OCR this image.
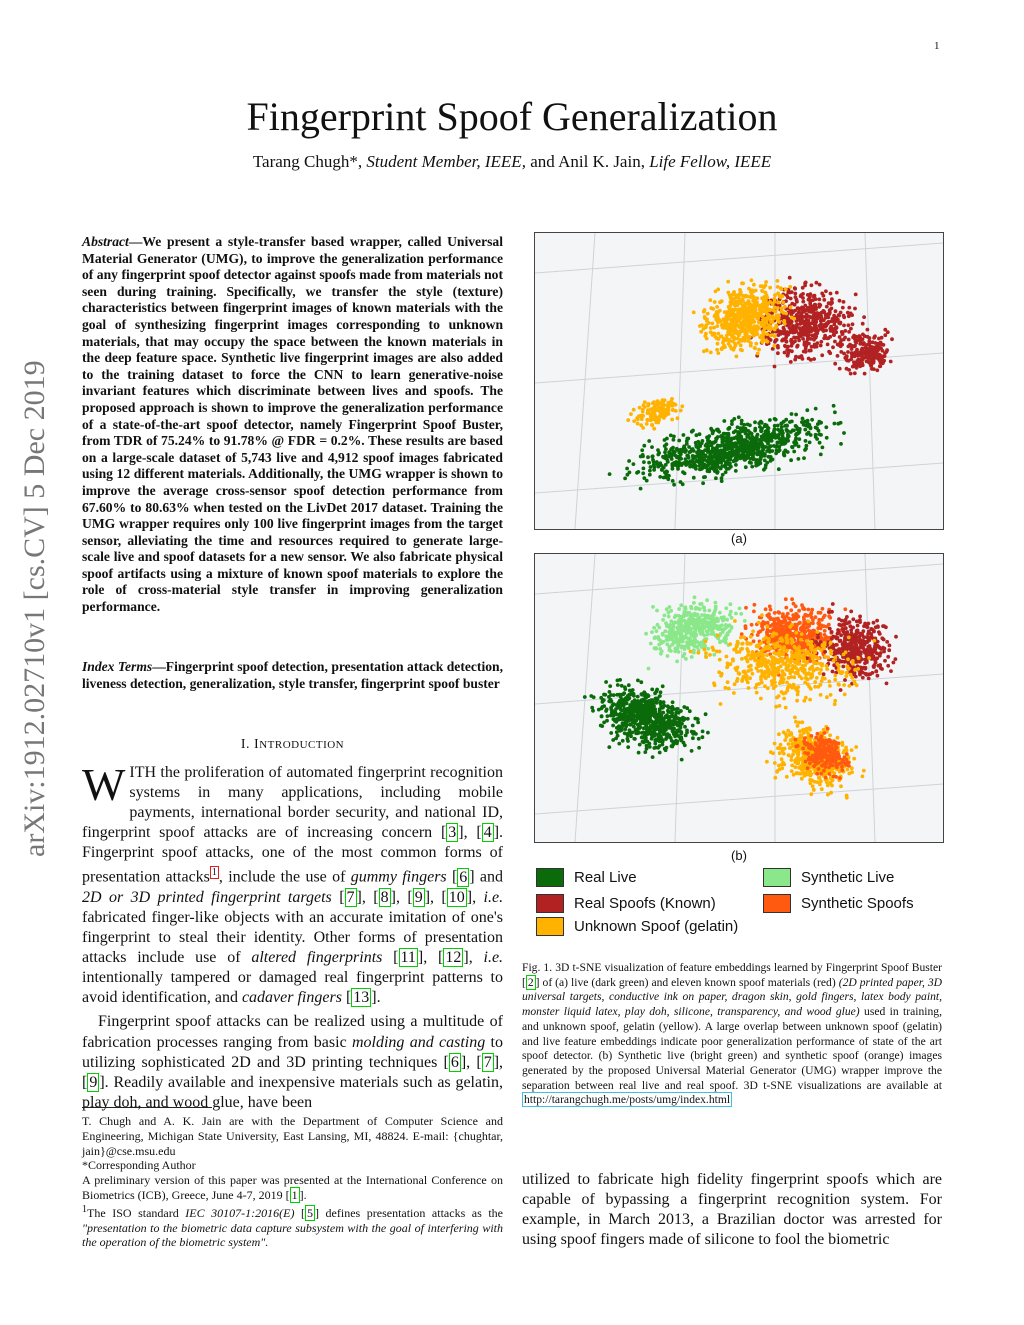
1
Fingerprint Spoof Generalization
Tarang Chugh*, Student Member, IEEE, and Anil K. Jain, Life Fellow, IEEE
arXiv:1912.02710v1 [cs.CV] 5 Dec 2019
Abstract—We present a style-transfer based wrapper, called Universal Material Generator (UMG), to improve the generalization performance of any fingerprint spoof detector against spoofs made from materials not seen during training. Specifically, we transfer the style (texture) characteristics between fingerprint images of known materials with the goal of synthesizing fingerprint images corresponding to unknown materials, that may occupy the space between the known materials in the deep feature space. Synthetic live fingerprint images are also added to the training dataset to force the CNN to learn generative-noise invariant features which discriminate between lives and spoofs. The proposed approach is shown to improve the generalization performance of a state-of-the-art spoof detector, namely Fingerprint Spoof Buster, from TDR of 75.24% to 91.78% @ FDR = 0.2%. These results are based on a large-scale dataset of 5,743 live and 4,912 spoof images fabricated using 12 different materials. Additionally, the UMG wrapper is shown to improve the average cross-sensor spoof detection performance from 67.60% to 80.63% when tested on the LivDet 2017 dataset. Training the UMG wrapper requires only 100 live fingerprint images from the target sensor, alleviating the time and resources required to generate large-scale live and spoof datasets for a new sensor. We also fabricate physical spoof artifacts using a mixture of known spoof materials to explore the role of cross-material style transfer in improving generalization performance.
Index Terms—Fingerprint spoof detection, presentation attack detection, liveness detection, generalization, style transfer, fingerprint spoof buster
I. INTRODUCTION

WITH the proliferation of automated fingerprint recognition systems in many applications, including mobile payments, international border security, and national ID, fingerprint spoof attacks are of increasing concern [ 3 ], [ 4 ]. Fingerprint spoof attacks, one of the most common forms of presentation attacks $^1$ , include the use of gummy fingers [ 6 ] and 2D or 3D printed fingerprint targets [ 7 ], [ 8 ], [ 9 ], [ 10 ], i.e. fabricated finger-like objects with an accurate imitation of one's fingerprint to steal their identity. Other forms of presentation attacks include use of altered fingerprints [ 11 ], [ 12 ], i.e. intentionally tampered or damaged real fingerprint patterns to avoid identification, and cadaver fingers [ 13 ].

Fingerprint spoof attacks can be realized using a multitude of fabrication processes ranging from basic molding and casting to utilizing sophisticated 2D and 3D printing techniques [ 6 ], [ 7 ], [ 9 ]. Readily available and inexpensive materials such as gelatin, play doh, and wood glue, have been

T. Chugh and A. K. Jain are with the Department of Computer Science and Engineering, Michigan State University, East Lansing, MI, 48824. E-mail: {chughtar, jain}@cse.msu.edu
*Corresponding Author
A preliminary version of this paper was presented at the International Conference on Biometrics (ICB), Greece, June 4-7, 2019 [ 1 ].
$^1$The ISO standard IEC 30107-1:2016(E) [ 5 ] defines presentation attacks as the "presentation to the biometric data capture subsystem with the goal of interfering with the operation of the biometric system".
(a)
(b)
Real Live
Real Spoofs (Known)
Unknown Spoof (gelatin)
Synthetic Live
Synthetic Spoofs
Fig. 1. 3D t-SNE visualization of feature embeddings learned by Fingerprint Spoof Buster [ 2 ] of (a) live (dark green) and eleven known spoof materials (red) (2D printed paper, 3D universal targets, conductive ink on paper, dragon skin, gold fingers, latex body paint, monster liquid latex, play doh, silicone, transparency, and wood glue) used in training, and unknown spoof, gelatin (yellow). A large overlap between unknown spoof (gelatin) and live feature embeddings indicate poor generalization performance of state of the art spoof detector. (b) Synthetic live (bright green) and synthetic spoof (orange) images generated by the proposed Universal Material Generator (UMG) wrapper improve the separation between real live and real spoof. 3D t-SNE visualizations are available at http://tarangchugh.me/posts/umg/index.html
utilized to fabricate high fidelity fingerprint spoofs which are capable of bypassing a fingerprint recognition system. For example, in March 2013, a Brazilian doctor was arrested for using spoof fingers made of silicone to fool the biometric
